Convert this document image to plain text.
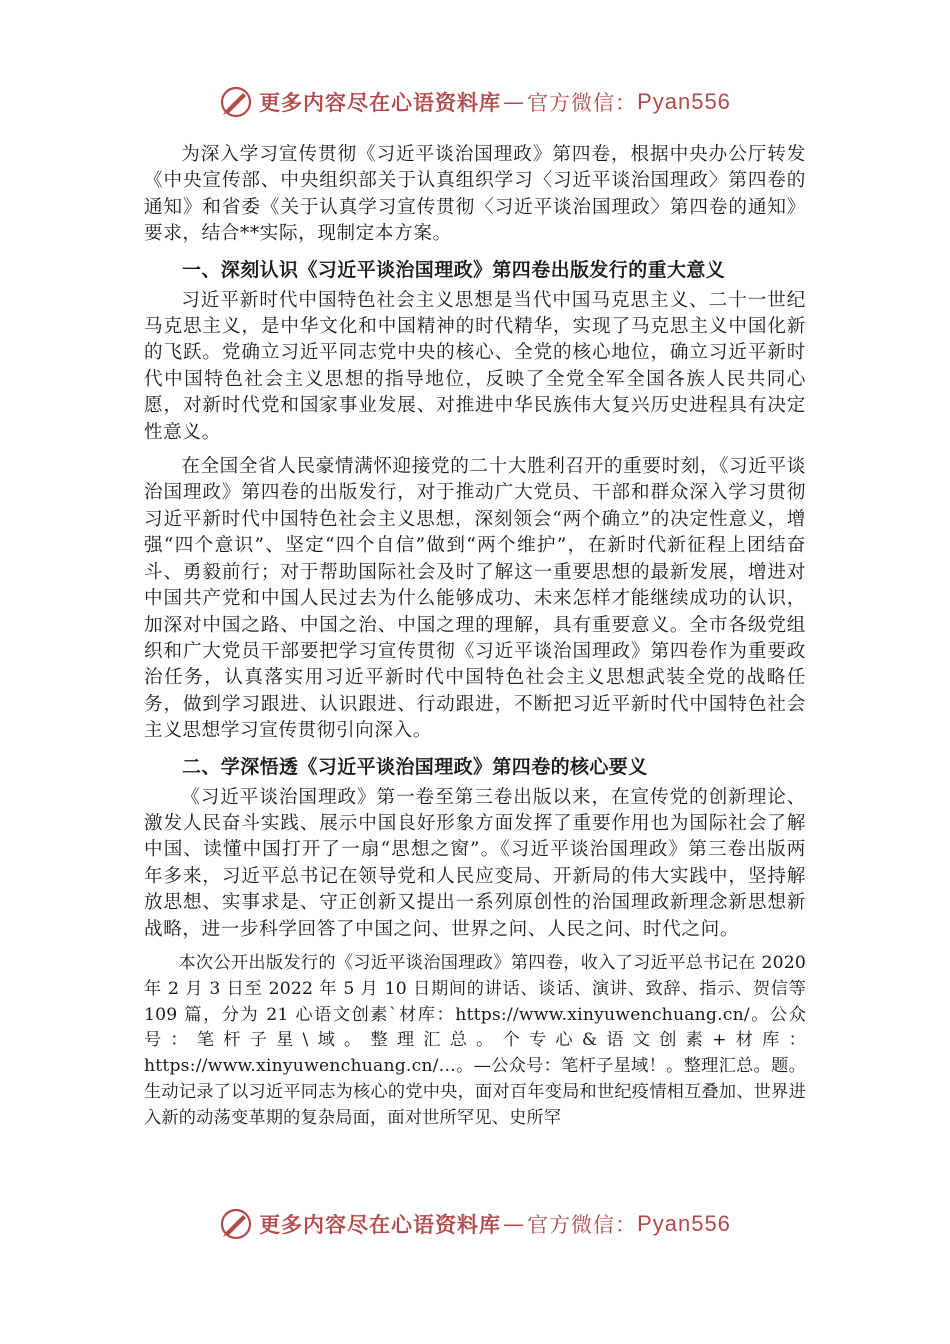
更多内容尽在心语资料库 — 官方微信： Pyan556

为深入学习宣传贯彻《习近平谈治国理政》第四卷，根据中央办公厅转发《中央宣传部、中央组织部关于认真组织学习〈习近平谈治国理政〉第四卷的通知》和省委《关于认真学习宣传贯彻〈习近平谈治国理政〉第四卷的通知》要求，结合**实际，现制定本方案。

一、深刻认识《习近平谈治国理政》第四卷出版发行的重大意义

习近平新时代中国特色社会主义思想是当代中国马克思主义、二十一世纪马克思主义，是中华文化和中国精神的时代精华，实现了马克思主义中国化新的飞跃。党确立习近平同志党中央的核心、全党的核心地位，确立习近平新时代中国特色社会主义思想的指导地位，反映了全党全军全国各族人民共同心愿，对新时代党和国家事业发展、对推进中华民族伟大复兴历史进程具有决定性意义。

在全国全省人民豪情满怀迎接党的二十大胜利召开的重要时刻，《习近平谈治国理政》第四卷的出版发行，对于推动广大党员、干部和群众深入学习贯彻习近平新时代中国特色社会主义思想，深刻领会“两个确立”的决定性意义，增强“四个意识”、坚定“四个自信”做到“两个维护”，在新时代新征程上团结奋斗、勇毅前行；对于帮助国际社会及时了解这一重要思想的最新发展，增进对中国共产党和中国人民过去为什么能够成功、未来怎样才能继续成功的认识，加深对中国之路、中国之治、中国之理的理解，具有重要意义。全市各级党组织和广大党员干部要把学习宣传贯彻《习近平谈治国理政》第四卷作为重要政治任务，认真落实用习近平新时代中国特色社会主义思想武装全党的战略任务，做到学习跟进、认识跟进、行动跟进，不断把习近平新时代中国特色社会主义思想学习宣传贯彻引向深入。

二、学深悟透《习近平谈治国理政》第四卷的核心要义

《习近平谈治国理政》第一卷至第三卷出版以来，在宣传党的创新理论、激发人民奋斗实践、展示中国良好形象方面发挥了重要作用也为国际社会了解中国、读懂中国打开了一扇“思想之窗”。《习近平谈治国理政》第三卷出版两年多来，习近平总书记在领导党和人民应变局、开新局的伟大实践中，坚持解放思想、实事求是、守正创新又提出一系列原创性的治国理政新理念新思想新战略，进一步科学回答了中国之问、世界之问、人民之问、时代之问。

本次公开出版发行的《习近平谈治国理政》第四卷，收入了习近平总书记在 2020 年 2 月 3 日至 2022 年 5 月 10 日期间的讲话、谈话、演讲、致辞、指示、贺信等 109 篇，分为 21 心语文创素`材库：https://www.xinyuwenchuang.cn/。公众号：笔杆子星\域。整理汇总。个专心&语文创素+材库：https://www.xinyuwenchuang.cn/…。—公众号：笔杆子星域！。整理汇总。题。生动记录了以习近平同志为核心的党中央，面对百年变局和世纪疫情相互叠加、世界进入新的动荡变革期的复杂局面，面对世所罕见、史所罕

更多内容尽在心语资料库 — 官方微信： Pyan556
